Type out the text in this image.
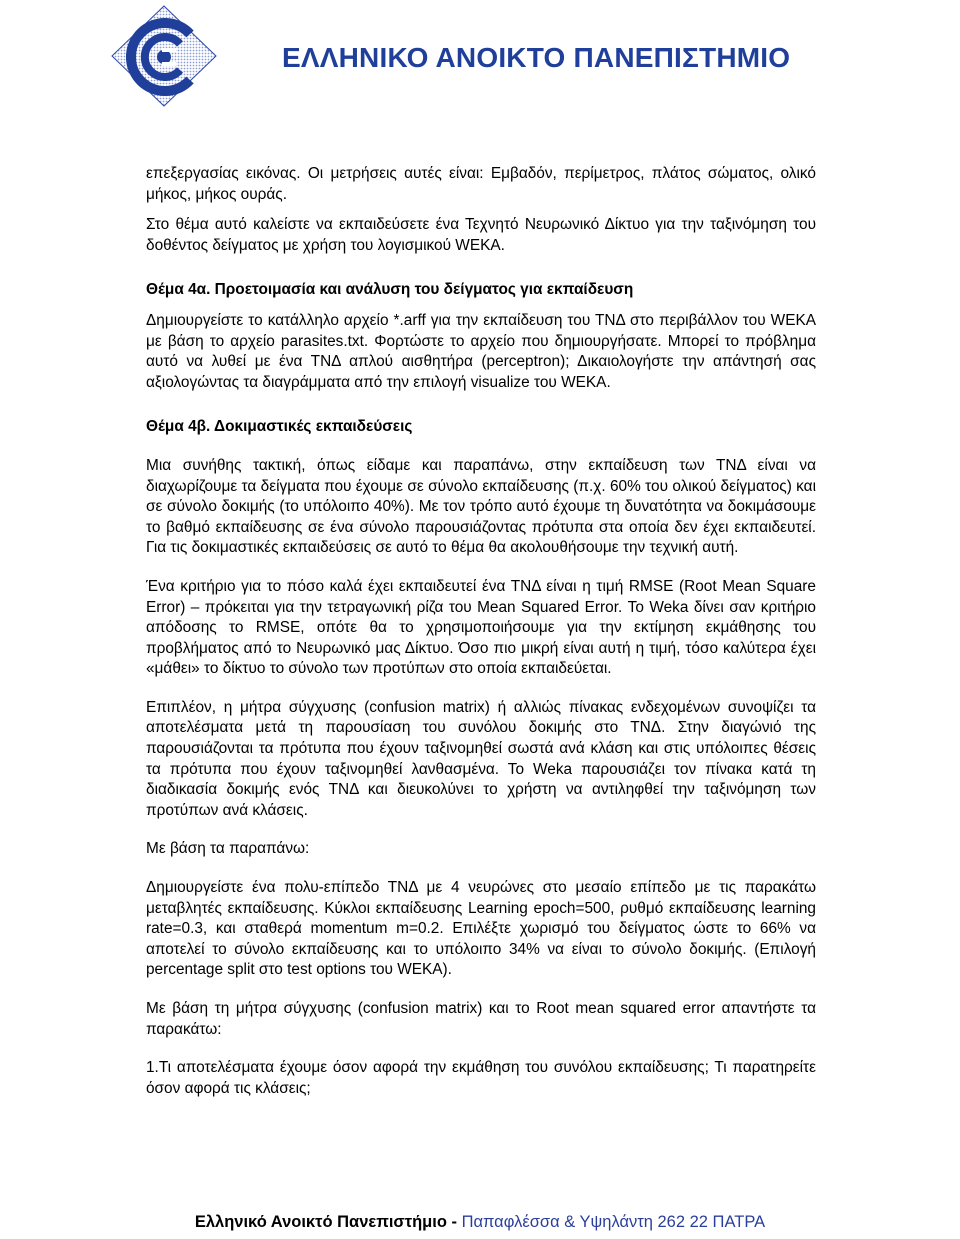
ΕΛΛΗΝΙΚΟ ΑΝΟΙΚΤΟ ΠΑΝΕΠΙΣΤΗΜΙΟ

επεξεργασίας εικόνας. Οι μετρήσεις αυτές είναι: Εμβαδόν, περίμετρος, πλάτος σώματος, ολικό μήκος, μήκος ουράς.

Στο θέμα αυτό καλείστε να εκπαιδεύσετε ένα Τεχνητό Νευρωνικό Δίκτυο για την ταξινόμηση του δοθέντος δείγματος με χρήση του λογισμικού WEKA.

Θέμα 4α. Προετοιμασία και ανάλυση του δείγματος για εκπαίδευση

Δημιουργείστε το κατάλληλο αρχείο *.arff για την εκπαίδευση του ΤΝΔ στο περιβάλλον του WEKA με βάση το αρχείο parasites.txt. Φορτώστε το αρχείο που δημιουργήσατε. Μπορεί το πρόβλημα αυτό να λυθεί με ένα ΤΝΔ απλού αισθητήρα (perceptron); Δικαιολογήστε την απάντησή σας αξιολογώντας τα διαγράμματα από την επιλογή visualize του WEKA.

Θέμα 4β. Δοκιμαστικές εκπαιδεύσεις

Μια συνήθης τακτική, όπως είδαμε και παραπάνω, στην εκπαίδευση των ΤΝΔ είναι να διαχωρίζουμε τα δείγματα που έχουμε σε σύνολο εκπαίδευσης (π.χ. 60% του ολικού δείγματος) και σε σύνολο δοκιμής (το υπόλοιπο 40%). Με τον τρόπο αυτό έχουμε τη δυνατότητα να δοκιμάσουμε το βαθμό εκπαίδευσης σε ένα σύνολο παρουσιάζοντας πρότυπα στα οποία δεν έχει εκπαιδευτεί. Για τις δοκιμαστικές εκπαιδεύσεις σε αυτό το θέμα θα ακολουθήσουμε την τεχνική αυτή.

Ένα κριτήριο για το πόσο καλά έχει εκπαιδευτεί ένα ΤΝΔ είναι η τιμή RMSE (Root Mean Square Error) – πρόκειται για την τετραγωνική ρίζα του Mean Squared Error. Το Weka δίνει σαν κριτήριο απόδοσης το RMSE, οπότε θα το χρησιμοποιήσουμε για την εκτίμηση εκμάθησης του προβλήματος από το Νευρωνικό μας Δίκτυο. Όσο πιο μικρή είναι αυτή η τιμή, τόσο καλύτερα έχει «μάθει» το δίκτυο το σύνολο των προτύπων στο οποία εκπαιδεύεται.

Επιπλέον, η μήτρα σύγχυσης (confusion matrix) ή αλλιώς πίνακας ενδεχομένων συνοψίζει τα αποτελέσματα μετά τη παρουσίαση του συνόλου δοκιμής στο ΤΝΔ. Στην διαγώνιό της παρουσιάζονται τα πρότυπα που έχουν ταξινομηθεί σωστά ανά κλάση και στις υπόλοιπες θέσεις τα πρότυπα που έχουν ταξινομηθεί λανθασμένα. Το Weka παρουσιάζει τον πίνακα κατά τη διαδικασία δοκιμής ενός ΤΝΔ και διευκολύνει το χρήστη να αντιληφθεί την ταξινόμηση των προτύπων ανά κλάσεις.

Με βάση τα παραπάνω:

Δημιουργείστε ένα πολυ-επίπεδο ΤΝΔ με 4 νευρώνες στο μεσαίο επίπεδο με τις παρακάτω μεταβλητές εκπαίδευσης. Κύκλοι εκπαίδευσης Learning epoch=500, ρυθμό εκπαίδευσης learning rate=0.3, και σταθερά momentum m=0.2. Επιλέξτε χωρισμό του δείγματος ώστε το 66% να αποτελεί το σύνολο εκπαίδευσης και το υπόλοιπο 34% να είναι το σύνολο δοκιμής. (Επιλογή percentage split στο test options του WEKA).

Με βάση τη μήτρα σύγχυσης (confusion matrix) και το Root mean squared error απαντήστε τα παρακάτω:

1.Τι αποτελέσματα έχουμε όσον αφορά την εκμάθηση του συνόλου εκπαίδευσης; Τι παρατηρείτε όσον αφορά τις κλάσεις;

Ελληνικό Ανοικτό Πανεπιστήμιο - Παπαφλέσσα & Υψηλάντη 262 22 ΠΑΤΡΑ
